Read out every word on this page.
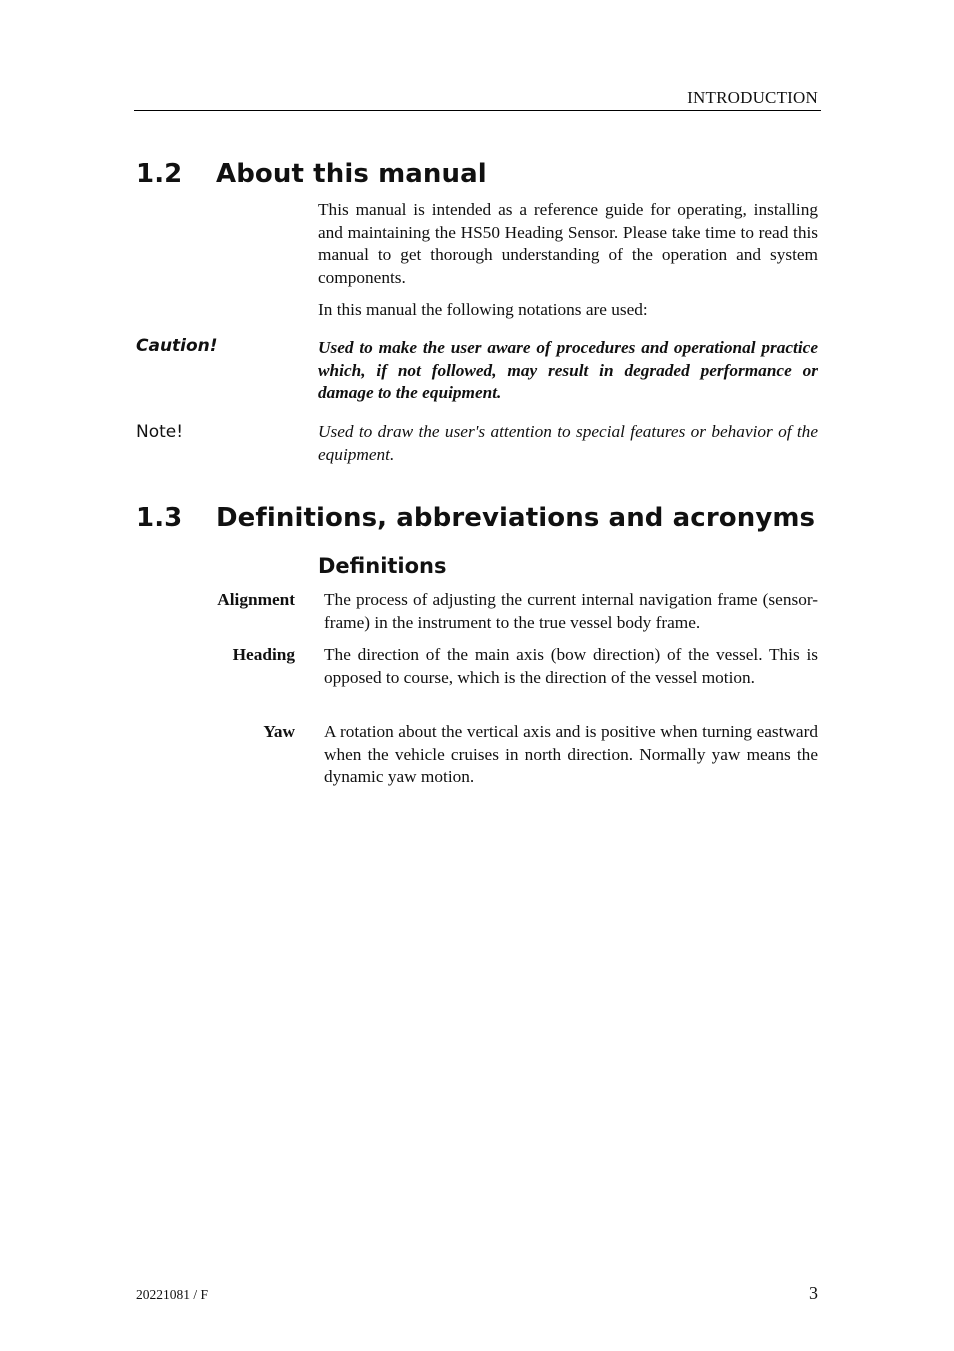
INTRODUCTION
1.2 About this manual

This manual is intended as a reference guide for operating, installing and maintaining the HS50 Heading Sensor. Please take time to read this manual to get thorough understanding of the operation and system components.

In this manual the following notations are used:

Caution!	Used to make the user aware of procedures and operational practice which, if not followed, may result in degraded performance or damage to the equipment.

Note!	Used to draw the user's attention to special features or behavior of the equipment.

1.3 Definitions, abbreviations and acronyms
Definitions
Alignment The process of adjusting the current internal navigation frame (sensor-frame) in the instrument to the true vessel body frame.
Heading The direction of the main axis (bow direction) of the vessel. This is opposed to course, which is the direction of the vessel motion.
Yaw A rotation about the vertical axis and is positive when turning eastward when the vehicle cruises in north direction. Normally yaw means the dynamic yaw motion.
20221081 / F	3
